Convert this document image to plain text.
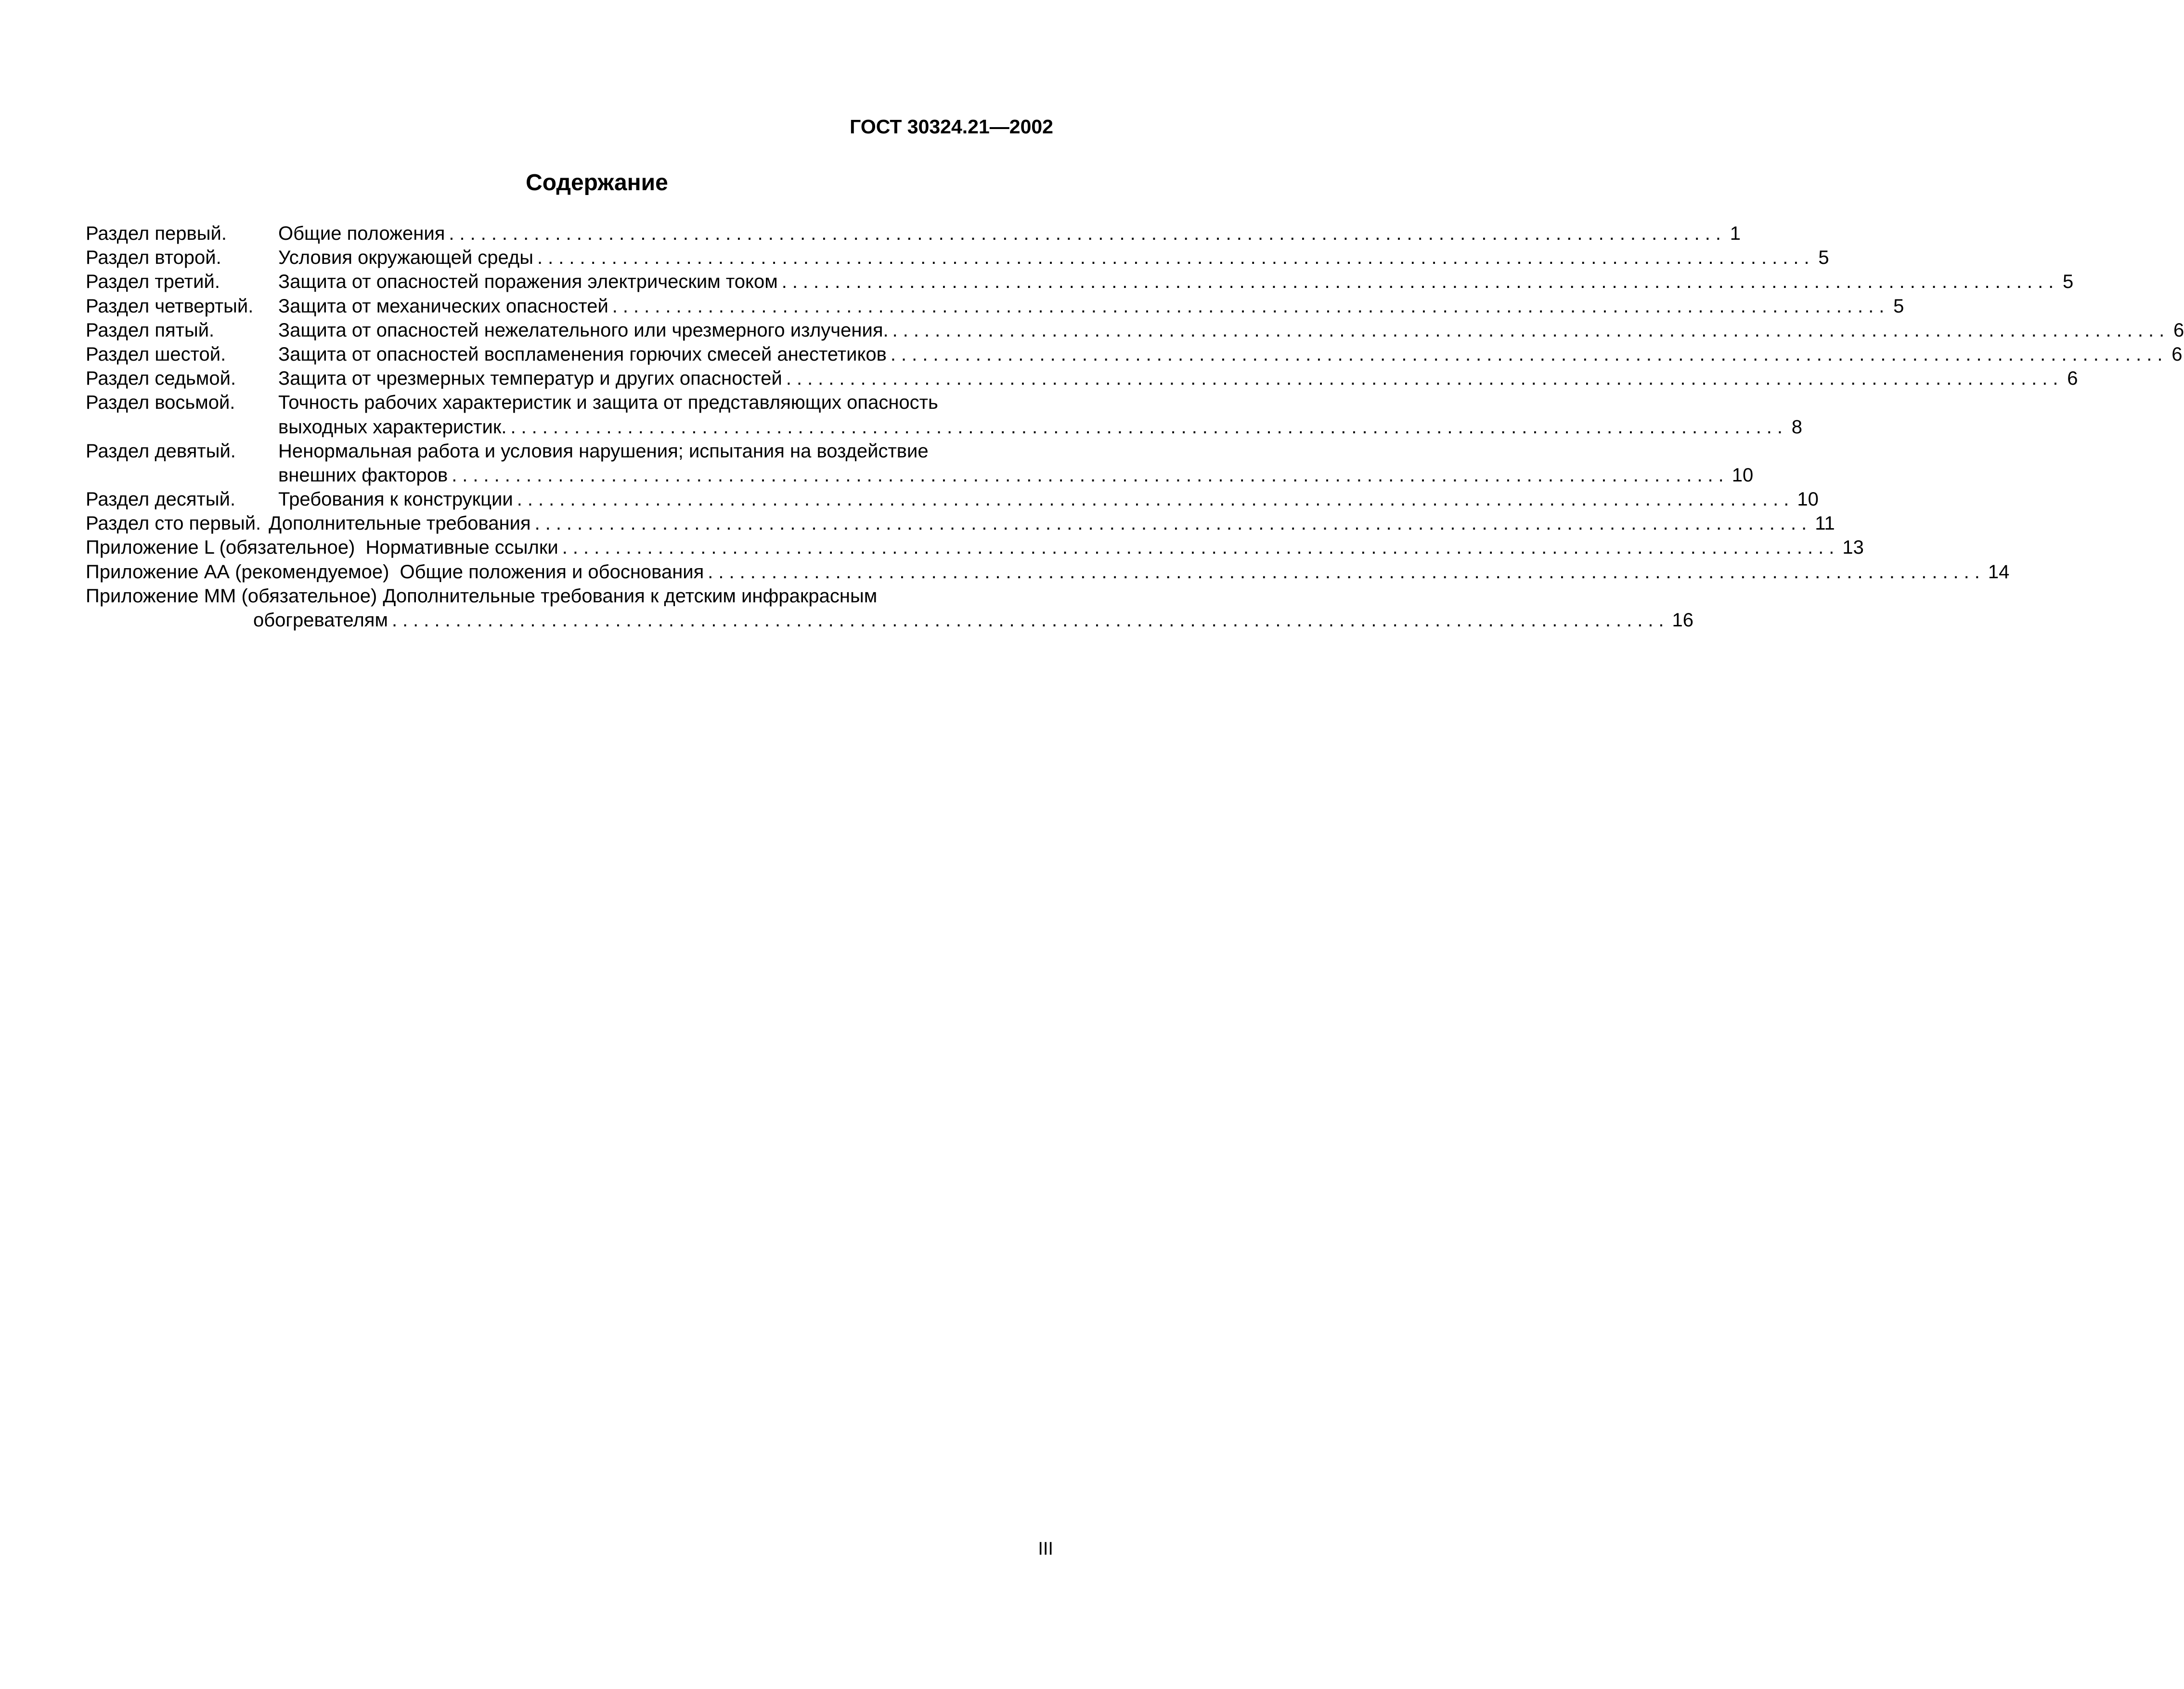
ГОСТ 30324.21—2002
Содержание
Раздел первый.	Общие положения ........................................................................................................................ 1
Раздел второй.	Условия окружающей среды ........................................................................................................................ 5
Раздел третий.	Защита от опасностей поражения электрическим током ........................................................................................................................ 5
Раздел четвертый.	Защита от механических опасностей ........................................................................................................................ 5
Раздел пятый.	Защита от опасностей нежелательного или чрезмерного излучения. ........................................................................................................................ 6
Раздел шестой.	Защита от опасностей воспламенения горючих смесей анестетиков ........................................................................................................................ 6
Раздел седьмой.	Защита от чрезмерных температур и других опасностей ........................................................................................................................ 6
Раздел восьмой.	Точность рабочих характеристик и защита от представляющих опасность
выходных характеристик. ........................................................................................................................ 8
Раздел девятый.	Ненормальная работа и условия нарушения; испытания на воздействие
внешних факторов ........................................................................................................................ 10
Раздел десятый.	Требования к конструкции ........................................................................................................................ 10
Раздел сто первый. Дополнительные требования ........................................................................................................................ 11
Приложение L (обязательное) Нормативные ссылки ........................................................................................................................ 13
Приложение АА (рекомендуемое) Общие положения и обоснования ........................................................................................................................ 14
Приложение ММ (обязательное) Дополнительные требования к детским инфракрасным
обогревателям ........................................................................................................................ 16
III
